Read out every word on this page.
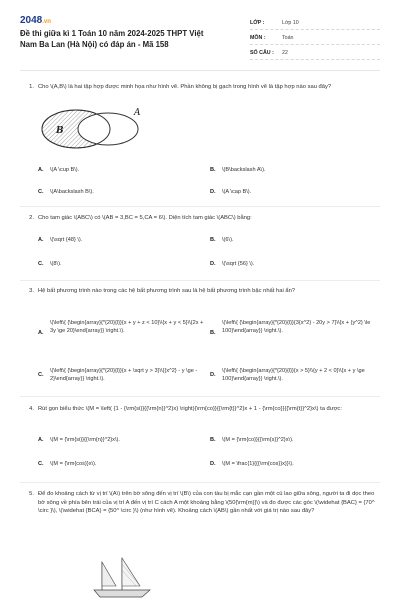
2048.vn
Đề thi giữa kì 1 Toán 10 năm 2024-2025 THPT Việt Nam Ba Lan (Hà Nội) có đáp án - Mã 158
LỚP :	Lớp 10
MÔN :	Toán
SỐ CÂU :	22
1. Cho \(A,B\) là hai tập hợp được minh họa như hình vẽ. Phần không bị gạch trong hình vẽ là tập hợp nào sau đây?
B
A
A.	\(A \cup B\).	B.	\(B\backslash A\).
C.	\(A\backslash B\).	D.	\(A \cap B\).
2. Cho tam giác \(ABC\) có \(AB = 3,BC = 5,CA = 6\). Diện tích tam giác \(ABC\) bằng:
A.	\(\sqrt {48} \).	B.	\(6\).
C.	\(8\).	D.	\(\sqrt {56} \).
3. Hệ bất phương trình nào trong các hệ bất phương trình sau là hệ bất phương trình bậc nhất hai ẩn?
A.
\(\left\{ {\begin{array}{*{20}{l}}{x + y + z < 10}\\{x + y < 5}\\{2x + 3y \ge 20}\end{array}} \right.\).	B.
\(\left\{ {\begin{array}{*{20}{l}}{3{x^2} - 20y > 7}\\{x + {y^2} \le 100}\end{array}} \right.\).
C.
\(\left\{ {\begin{array}{*{20}{l}}{x + \sqrt y > 3}\\{{x^2} - y \ge - 2}\end{array}} \right.\).
D.
\(\left\{ {\begin{array}{*{20}{l}}{x > 5}\\{y + 2 < 0}\\{x + y \ge 100}\end{array}} \right.\).
4. Rút gọn biểu thức \(M = \left( {1 - {\rm{si}}{{\rm{n}}^2}x} \right){\rm{co}}{{\rm{t}}^2}x + 1 - {\rm{co}}{{\rm{t}}^2}x\) ta được:
A.	\(M = {\rm{si}}{{\rm{n}}^2}x\).	B.	\(M = {\rm{co}}{{\rm{s}}^2}x\).
C.	\(M = {\rm{cos}}x\).	D.	\(M = \frac{1}{{{\rm{cos}}x}}\).
5. Để đo khoảng cách từ vị trí \(A\) trên bờ sông đến vị trí \(B\) của con tàu bị mắc cạn gần một cù lao giữa sông, người ta đi dọc theo bờ sông về phía bên trái của vị trí A đến vị trí C cách A một khoảng bằng \(50{\rm{m}}\) và đo được các góc \(\widehat {BAC} = {70^ \circ }\), \(\widehat {BCA} = {50^ \circ }\) (như hình vẽ). Khoảng cách \(AB\) gần nhất với giá trị nào sau đây?
